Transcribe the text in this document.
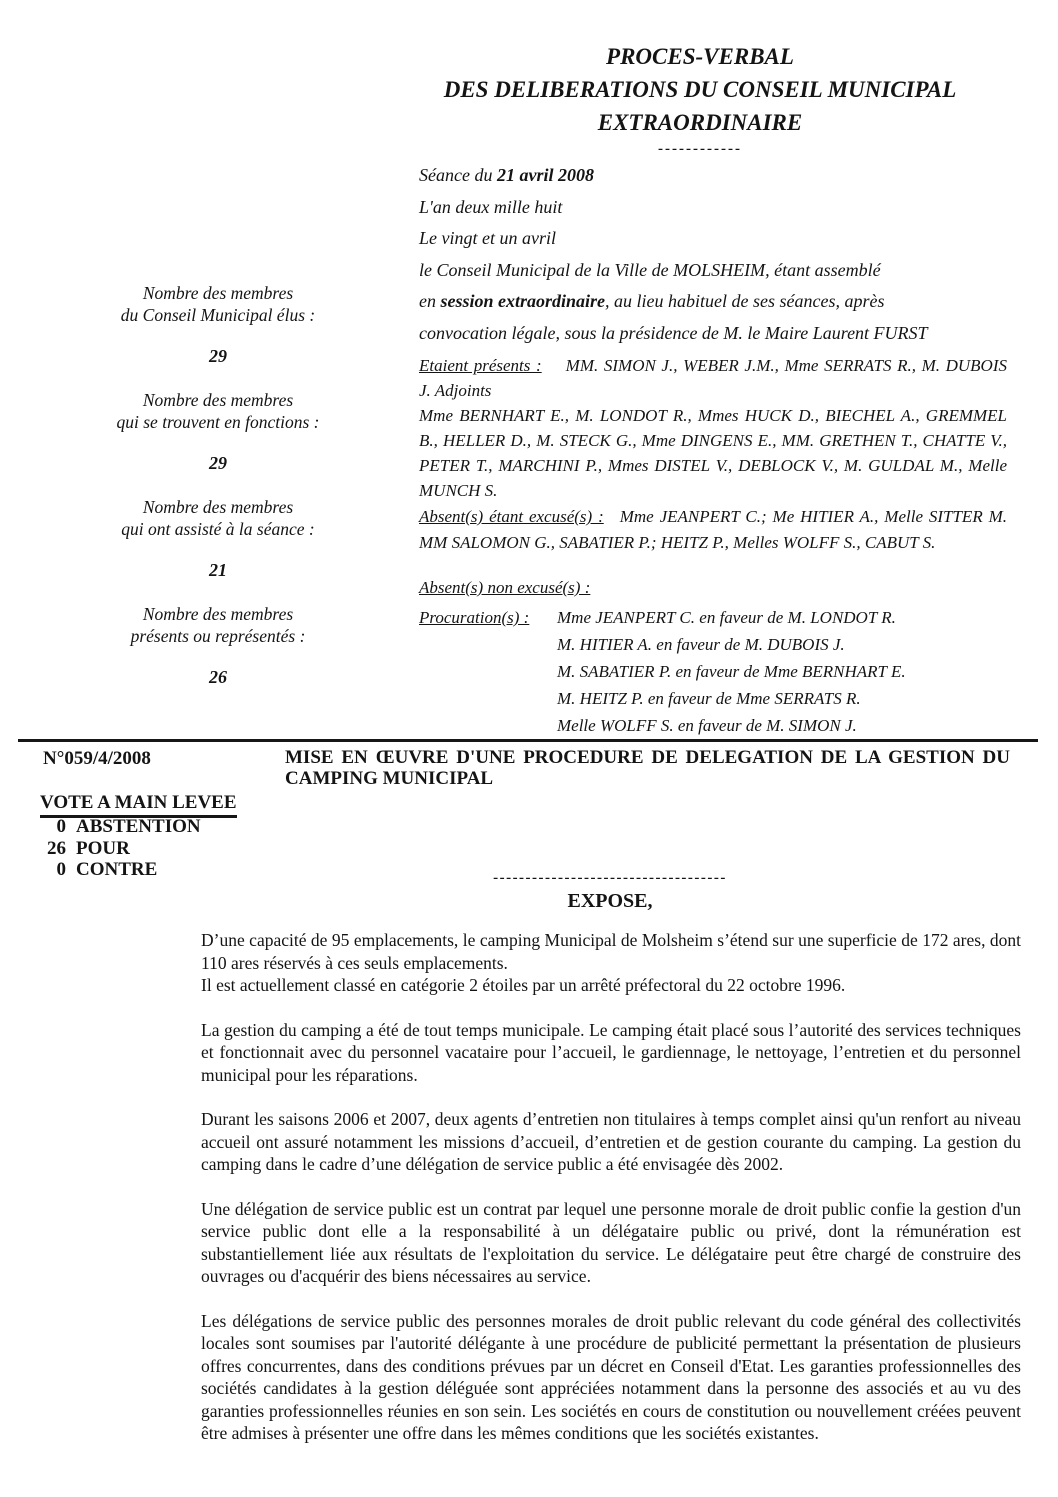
PROCES-VERBAL
DES DELIBERATIONS DU CONSEIL MUNICIPAL
EXTRAORDINAIRE
------------
Séance du 21 avril 2008
L'an deux mille huit
Le vingt et un avril
le Conseil Municipal de la Ville de MOLSHEIM, étant assemblé
en session extraordinaire, au lieu habituel de ses séances, après
convocation légale, sous la présidence de M. le Maire Laurent FURST
Nombre des membres
du Conseil Municipal élus :
29
Nombre des membres
qui se trouvent en fonctions :
29
Nombre des membres
qui ont assisté à la séance :
21
Nombre des membres
présents ou représentés :
26
Etaient présents : MM. SIMON J., WEBER J.M., Mme SERRATS R., M. DUBOIS J. Adjoints
Mme BERNHART E., M. LONDOT R., Mmes HUCK D., BIECHEL A., GREMMEL B., HELLER D., M. STECK G., Mme DINGENS E., MM. GRETHEN T., CHATTE V., PETER T., MARCHINI P., Mmes DISTEL V., DEBLOCK V., M. GULDAL M., Melle MUNCH S.
Absent(s) étant excusé(s) : Mme JEANPERT C.; Me HITIER A., Melle SITTER M. MM SALOMON G., SABATIER P.; HEITZ P., Melles WOLFF S., CABUT S.
Absent(s) non excusé(s) :
Procuration(s) :	Mme JEANPERT C. en faveur de M. LONDOT R.
M. HITIER A. en faveur de M. DUBOIS J.
M. SABATIER P. en faveur de Mme BERNHART E.
M. HEITZ P. en faveur de Mme SERRATS R.
Melle WOLFF S. en faveur de M. SIMON J.
N°059/4/2008	MISE EN ŒUVRE D'UNE PROCEDURE DE DELEGATION DE LA GESTION DU
CAMPING MUNICIPAL
VOTE A MAIN LEVEE
0 ABSTENTION
26 POUR
0 CONTRE	------------------------------------
EXPOSE,
D’une capacité de 95 emplacements, le camping Municipal de Molsheim s’étend sur une superficie de 172 ares, dont 110 ares réservés à ces seuls emplacements.
Il est actuellement classé en catégorie 2 étoiles par un arrêté préfectoral du 22 octobre 1996.
La gestion du camping a été de tout temps municipale. Le camping était placé sous l’autorité des services techniques et fonctionnait avec du personnel vacataire pour l’accueil, le gardiennage, le nettoyage, l’entretien et du personnel municipal pour les réparations.
Durant les saisons 2006 et 2007, deux agents d’entretien non titulaires à temps complet ainsi qu'un renfort au niveau accueil ont assuré notamment les missions d’accueil, d’entretien et de gestion courante du camping. La gestion du camping dans le cadre d’une délégation de service public a été envisagée dès 2002.
Une délégation de service public est un contrat par lequel une personne morale de droit public confie la gestion d'un service public dont elle a la responsabilité à un délégataire public ou privé, dont la rémunération est substantiellement liée aux résultats de l'exploitation du service. Le délégataire peut être chargé de construire des ouvrages ou d'acquérir des biens nécessaires au service.
Les délégations de service public des personnes morales de droit public relevant du code général des collectivités locales sont soumises par l'autorité délégante à une procédure de publicité permettant la présentation de plusieurs offres concurrentes, dans des conditions prévues par un décret en Conseil d'Etat. Les garanties professionnelles des sociétés candidates à la gestion déléguée sont appréciées notamment dans la personne des associés et au vu des garanties professionnelles réunies en son sein. Les sociétés en cours de constitution ou nouvellement créées peuvent être admises à présenter une offre dans les mêmes conditions que les sociétés existantes.
